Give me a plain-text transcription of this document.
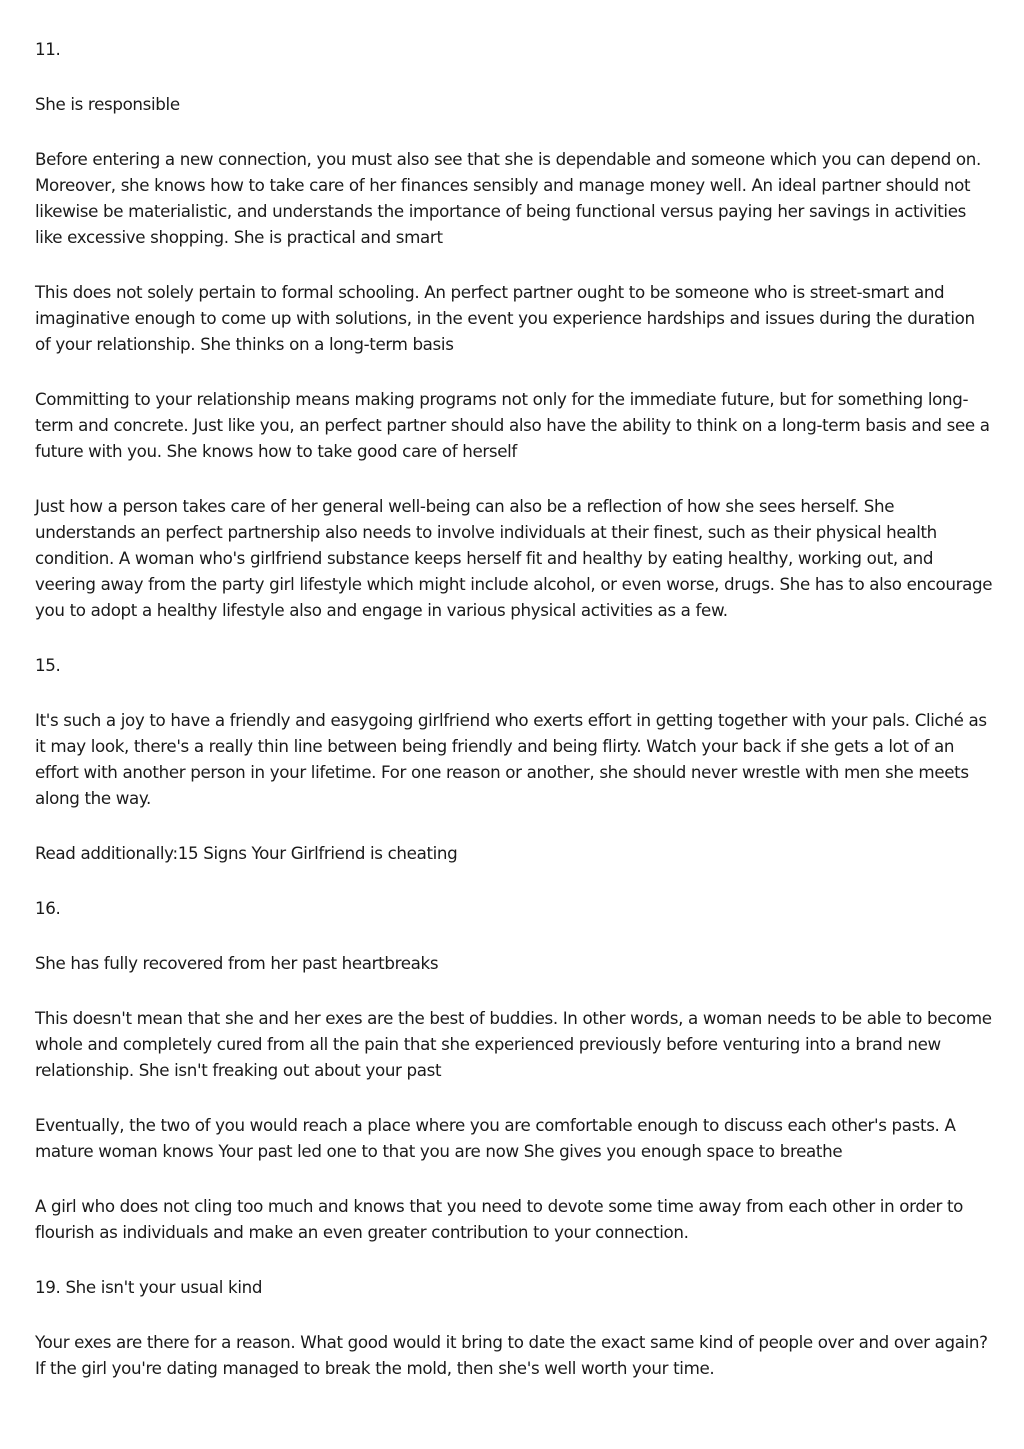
11.

She is responsible

Before entering a new connection, you must also see that she is dependable and someone which you can depend on. Moreover, she knows how to take care of her finances sensibly and manage money well. An ideal partner should not likewise be materialistic, and understands the importance of being functional versus paying her savings in activities like excessive shopping. She is practical and smart

This does not solely pertain to formal schooling. An perfect partner ought to be someone who is street-smart and imaginative enough to come up with solutions, in the event you experience hardships and issues during the duration of your relationship. She thinks on a long-term basis

Committing to your relationship means making programs not only for the immediate future, but for something long-term and concrete. Just like you, an perfect partner should also have the ability to think on a long-term basis and see a future with you. She knows how to take good care of herself

Just how a person takes care of her general well-being can also be a reflection of how she sees herself. She understands an perfect partnership also needs to involve individuals at their finest, such as their physical health condition. A woman who's girlfriend substance keeps herself fit and healthy by eating healthy, working out, and veering away from the party girl lifestyle which might include alcohol, or even worse, drugs. She has to also encourage you to adopt a healthy lifestyle also and engage in various physical activities as a few.

15.

It's such a joy to have a friendly and easygoing girlfriend who exerts effort in getting together with your pals. Cliché as it may look, there's a really thin line between being friendly and being flirty. Watch your back if she gets a lot of an effort with another person in your lifetime. For one reason or another, she should never wrestle with men she meets along the way.

Read additionally:15 Signs Your Girlfriend is cheating

16.

She has fully recovered from her past heartbreaks

This doesn't mean that she and her exes are the best of buddies. In other words, a woman needs to be able to become whole and completely cured from all the pain that she experienced previously before venturing into a brand new relationship. She isn't freaking out about your past

Eventually, the two of you would reach a place where you are comfortable enough to discuss each other's pasts. A mature woman knows Your past led one to that you are now She gives you enough space to breathe

A girl who does not cling too much and knows that you need to devote some time away from each other in order to flourish as individuals and make an even greater contribution to your connection.

19. She isn't your usual kind

Your exes are there for a reason. What good would it bring to date the exact same kind of people over and over again? If the girl you're dating managed to break the mold, then she's well worth your time.
